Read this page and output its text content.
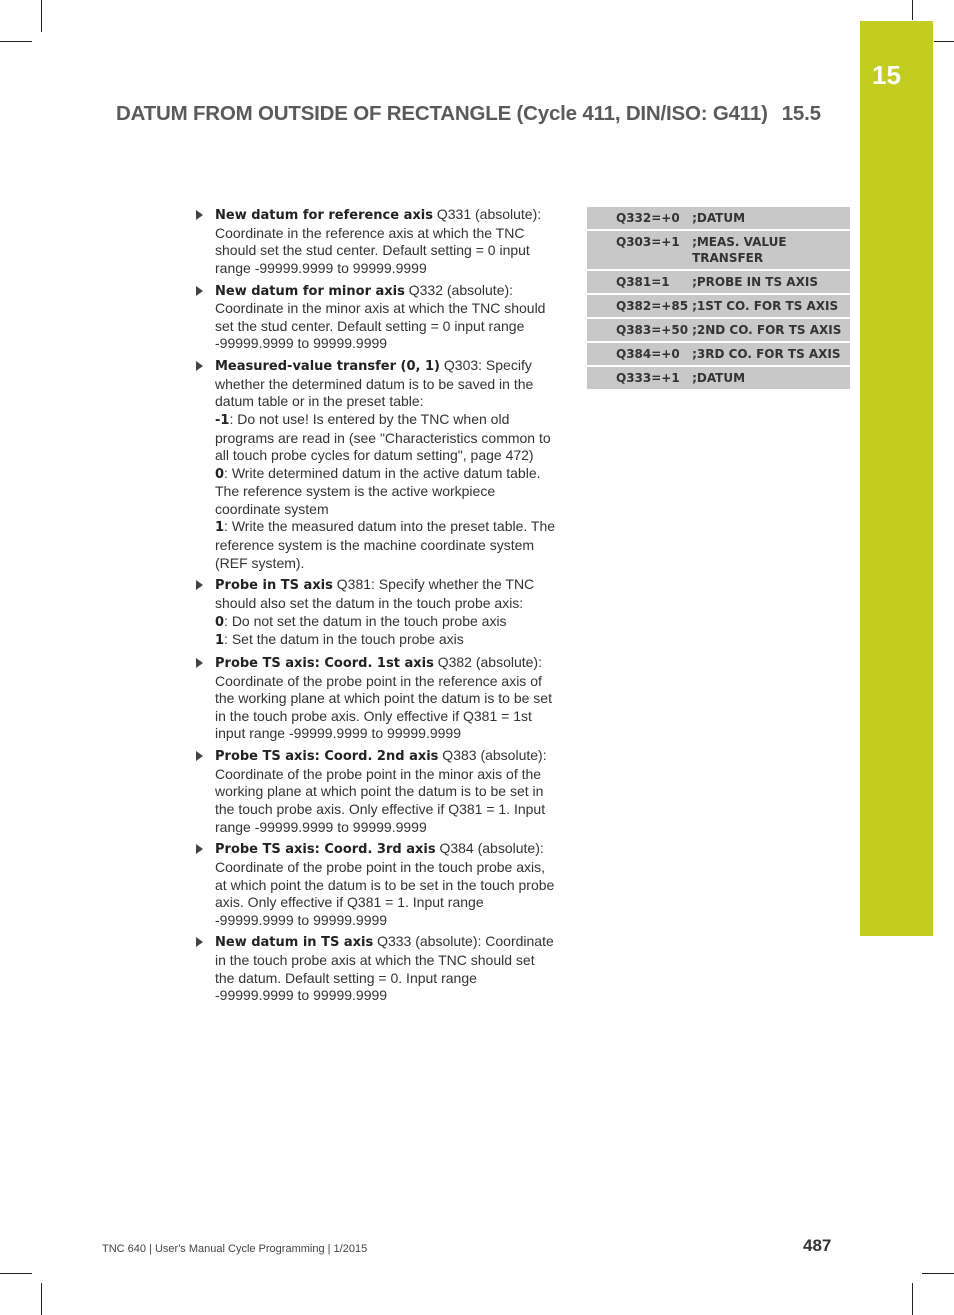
15
DATUM FROM OUTSIDE OF RECTANGLE (Cycle 411, DIN/ISO: G411) 15.5
New datum for reference axis Q331 (absolute): Coordinate in the reference axis at which the TNC should set the stud center. Default setting = 0 input range -99999.9999 to 99999.9999
New datum for minor axis Q332 (absolute): Coordinate in the minor axis at which the TNC should set the stud center. Default setting = 0 input range -99999.9999 to 99999.9999
Measured-value transfer (0, 1) Q303: Specify whether the determined datum is to be saved in the datum table or in the preset table:
-1: Do not use! Is entered by the TNC when old programs are read in (see "Characteristics common to all touch probe cycles for datum setting", page 472)
0: Write determined datum in the active datum table. The reference system is the active workpiece coordinate system
1: Write the measured datum into the preset table. The reference system is the machine coordinate system (REF system).
Probe in TS axis Q381: Specify whether the TNC should also set the datum in the touch probe axis:
0: Do not set the datum in the touch probe axis
1: Set the datum in the touch probe axis
Probe TS axis: Coord. 1st axis Q382 (absolute): Coordinate of the probe point in the reference axis of the working plane at which point the datum is to be set in the touch probe axis. Only effective if Q381 = 1st input range -99999.9999 to 99999.9999
Probe TS axis: Coord. 2nd axis Q383 (absolute): Coordinate of the probe point in the minor axis of the working plane at which point the datum is to be set in the touch probe axis. Only effective if Q381 = 1. Input range -99999.9999 to 99999.9999
Probe TS axis: Coord. 3rd axis Q384 (absolute): Coordinate of the probe point in the touch probe axis, at which point the datum is to be set in the touch probe axis. Only effective if Q381 = 1. Input range -99999.9999 to 99999.9999
New datum in TS axis Q333 (absolute): Coordinate in the touch probe axis at which the TNC should set the datum. Default setting = 0. Input range -99999.9999 to 99999.9999
Q332=+0	;DATUM
Q303=+1	;MEAS. VALUE TRANSFER
Q381=1	;PROBE IN TS AXIS
Q382=+85	;1ST CO. FOR TS AXIS
Q383=+50	;2ND CO. FOR TS AXIS
Q384=+0	;3RD CO. FOR TS AXIS
Q333=+1	;DATUM
TNC 640 | User's Manual Cycle Programming | 1/2015	487
